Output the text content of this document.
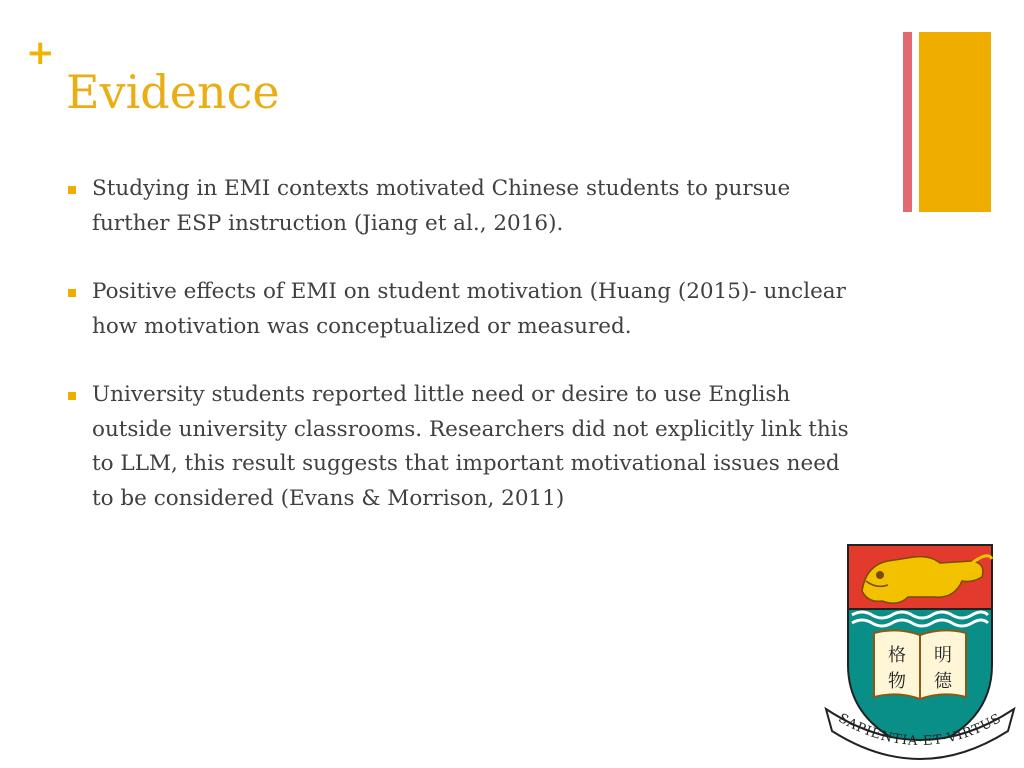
+
Evidence
Studying in EMI contexts motivated Chinese students to pursue further ESP instruction (Jiang et al., 2016).
Positive effects of EMI on student motivation (Huang (2015)- unclear how motivation was conceptualized or measured.
University students reported little need or desire to use English outside university classrooms. Researchers did not explicitly link this to LLM, this result suggests that important motivational issues need to be considered (Evans & Morrison, 2011)
格 明
物 德
SAPIENTIA·ET·VIRTUS
